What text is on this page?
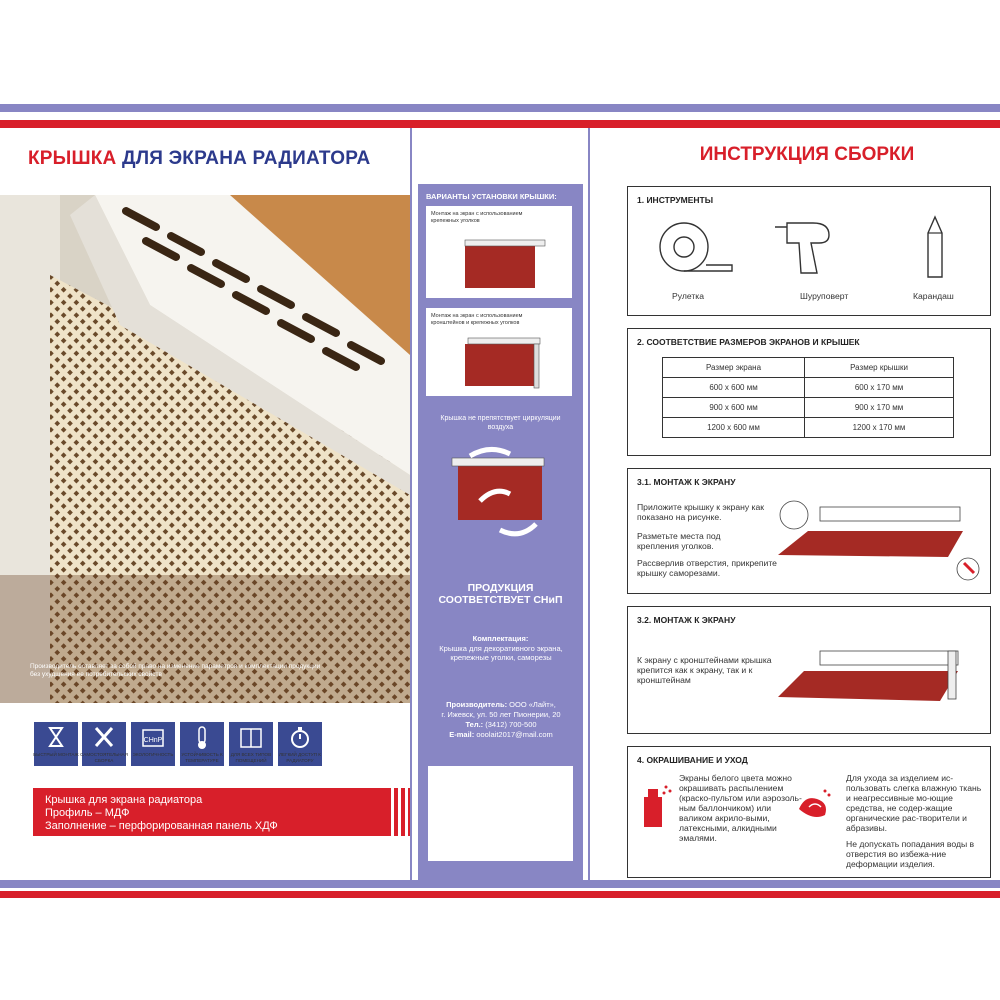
КРЫШКА ДЛЯ ЭКРАНА РАДИАТОРА
Производитель оставляет за собой право на изменение параметров и комплектации продукции без ухудшения ее потребительских свойств
CHnP
БЫСТРЫЙ МОНТАЖ САМОСТОЯТЕЛЬНАЯ СБОРКА
ЭКОЛОГИЧНОСТЬ	УСТОЙЧИВОСТЬ К ТЕМПЕРАТУРЕ
ДЛЯ ВСЕХ ТИПОВ ПОМЕЩЕНИЙ
ЛЕГКИЙ ДОСТУП К РАДИАТОРУ
Крышка для экрана радиатора
Профиль – МДФ
Заполнение – перфорированная панель ХДФ
ВАРИАНТЫ УСТАНОВКИ КРЫШКИ:
Монтаж на экран с использованием крепежных уголков
Монтаж на экран с использованием кронштейнов и крепежных уголков
Крышка не препятствует циркуляции воздуха
ПРОДУКЦИЯ СООТВЕТСТВУЕТ СНиП
Комплектация:
Крышка для декоративного экрана, крепежные уголки, саморезы
Производитель: ООО «Лайт»,
г. Ижевск, ул. 50 лет Пионерии, 20
Тел.: (3412) 700-500
E-mail: ooolait2017@mail.com
ИНСТРУКЦИЯ СБОРКИ
1. ИНСТРУМЕНТЫ
Рулетка	Шуруповерт	Карандаш
2. СООТВЕТСТВИЕ РАЗМЕРОВ ЭКРАНОВ И КРЫШЕК
Размер экрана	Размер крышки
600 х 600 мм	600 х 170 мм
900 х 600 мм	900 х 170 мм
1200 х 600 мм	1200 х 170 мм
3.1. МОНТАЖ К ЭКРАНУ
Приложите крышку к экрану как показано на рисунке.
Разметьте места под крепления уголков.
Рассверлив отверстия, прикрепите крышку саморезами.
3.2. МОНТАЖ К ЭКРАНУ
К экрану с кронштейнами крышка крепится как к экрану, так и к кронштейнам
4. ОКРАШИВАНИЕ И УХОД
Экраны белого цвета можно окрашивать распылением (краско-пультом или аэрозоль-ным баллончиком) или валиком акрило-выми, латексными, алкидными эмалями.
Для ухода за изделием ис-пользовать слегка влажную ткань и неагрессивные мо-ющие средства, не содер-жащие органические рас-творители и абразивы.
Не допускать попадания воды в отверстия во избежа-ние деформации изделия.
